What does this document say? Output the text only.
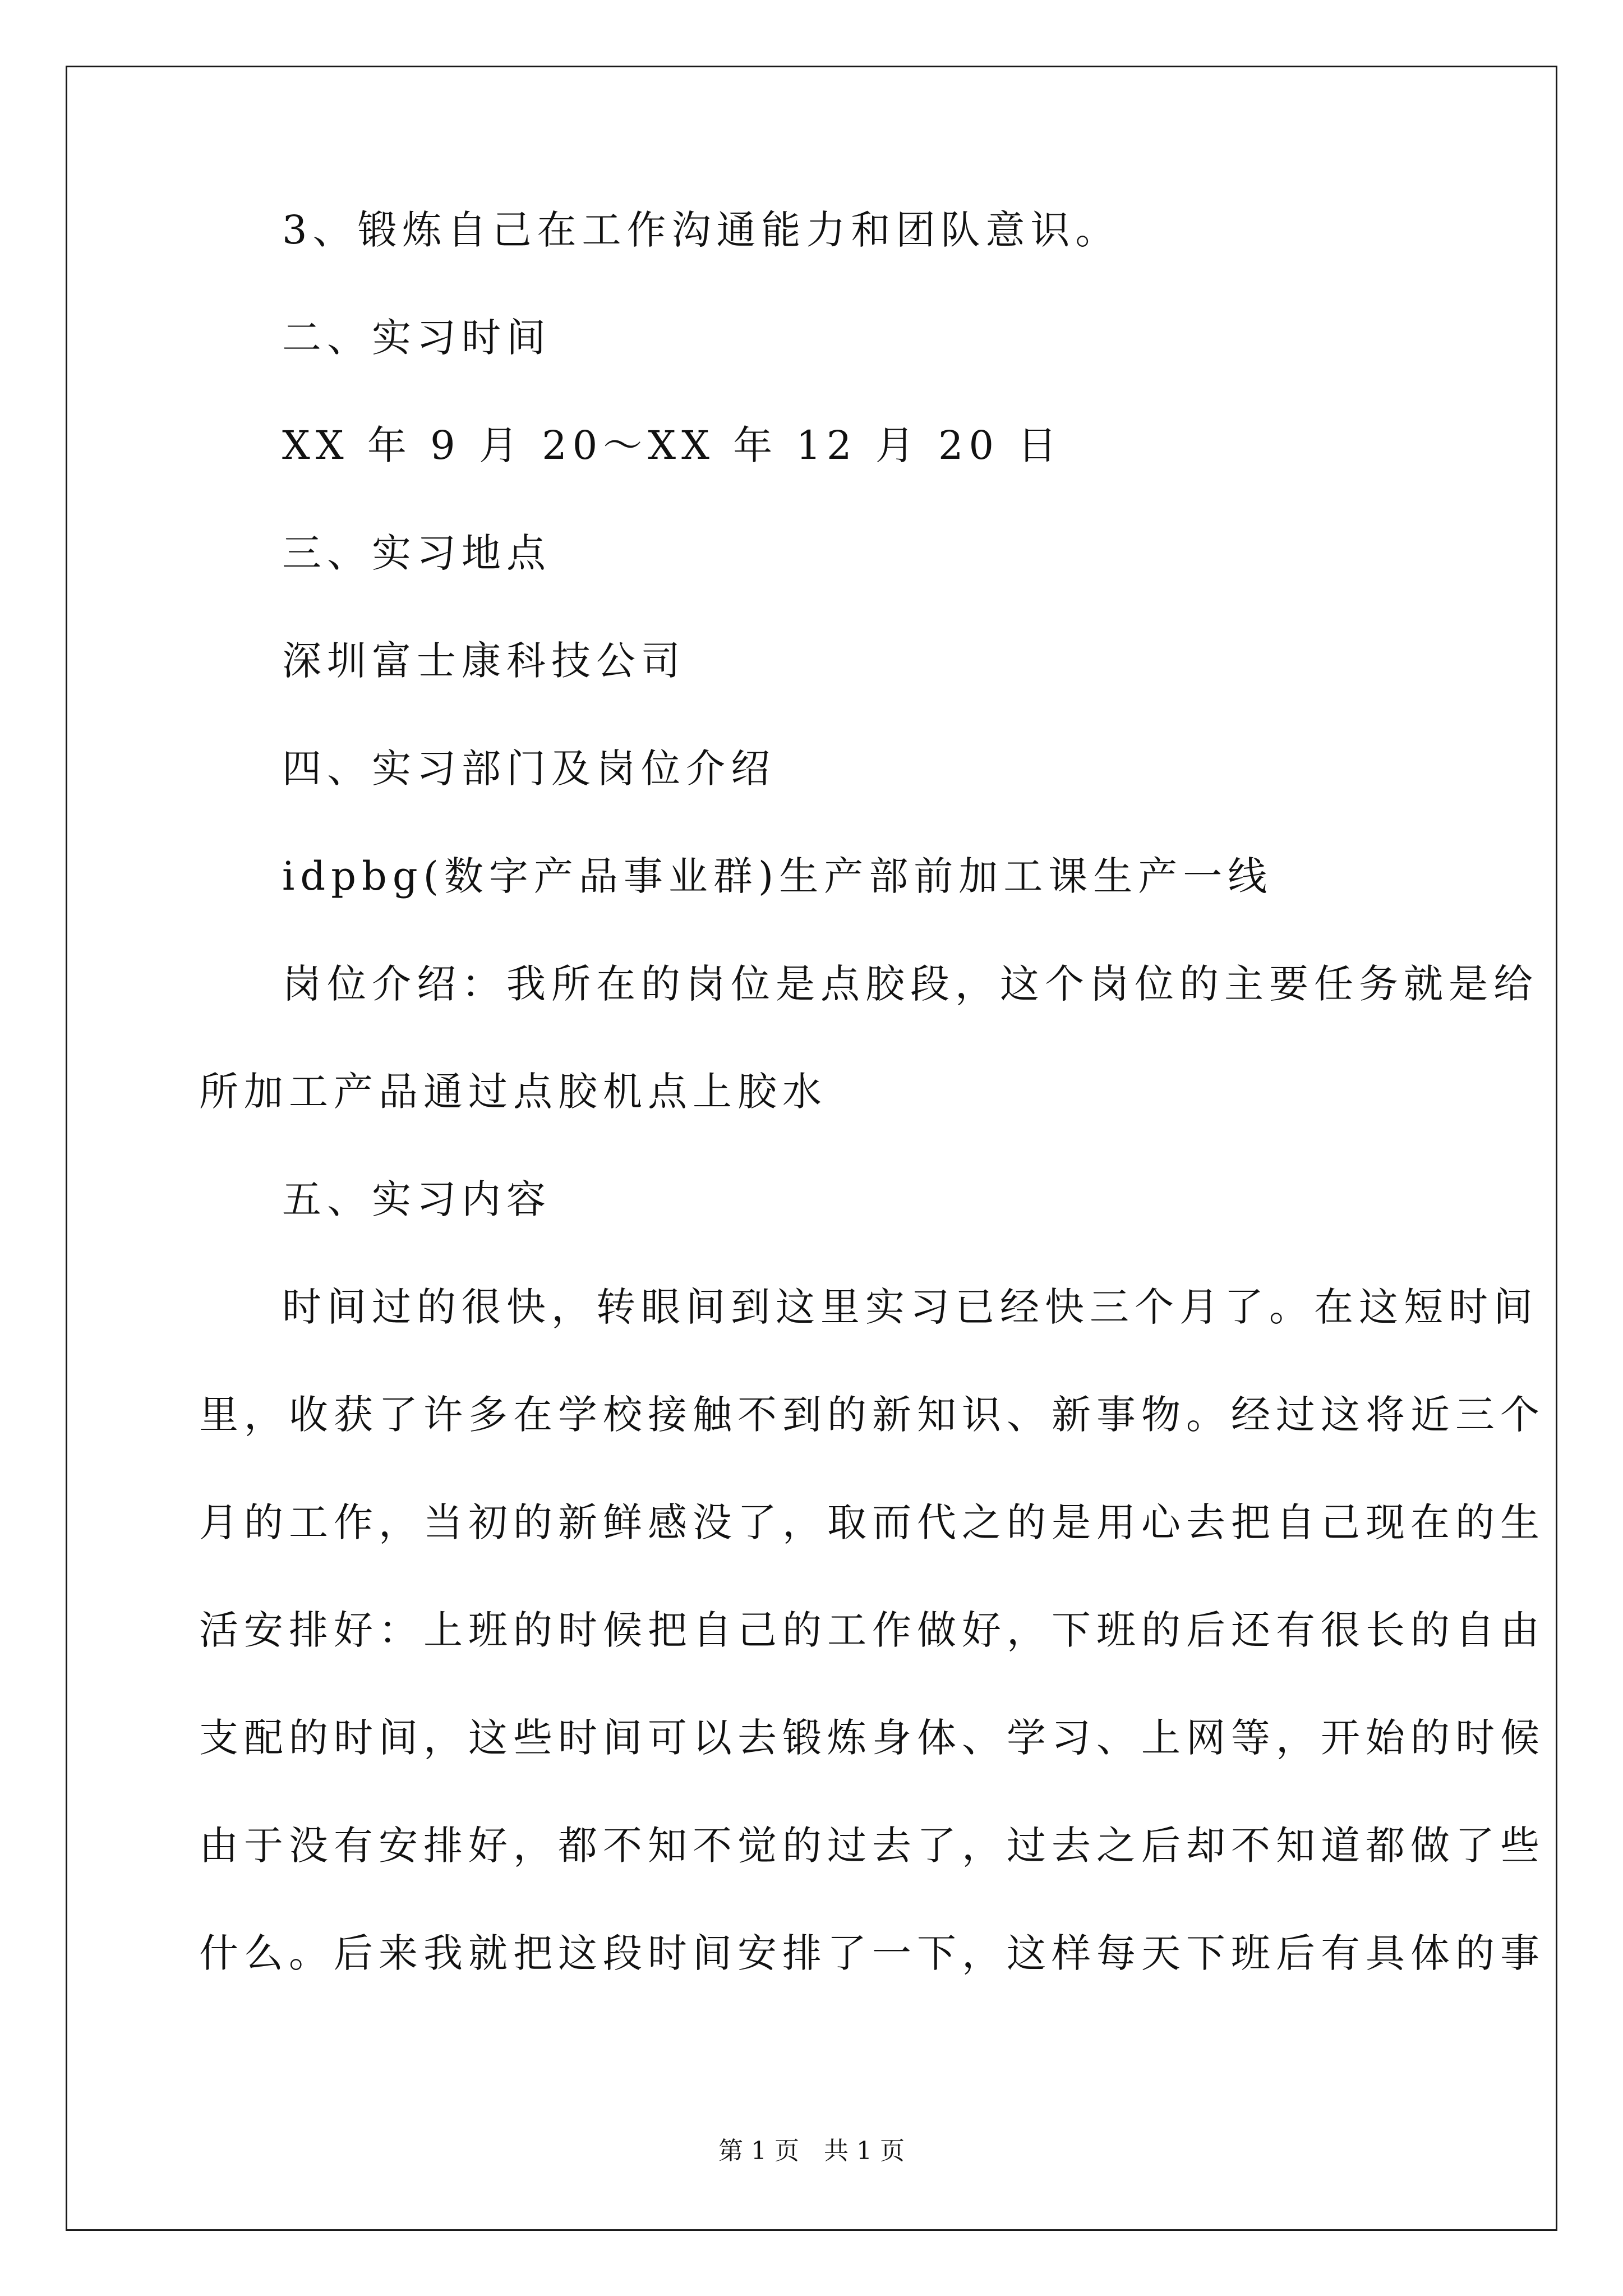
3、锻炼自己在工作沟通能力和团队意识。
二、实习时间
XX 年 9 月 20～XX 年 12 月 20 日
三、实习地点
深圳富士康科技公司
四、实习部门及岗位介绍
idpbg(数字产品事业群)生产部前加工课生产一线
岗位介绍：我所在的岗位是点胶段，这个岗位的主要任务就是给
所加工产品通过点胶机点上胶水
五、实习内容
时间过的很快，转眼间到这里实习已经快三个月了。在这短时间
里，收获了许多在学校接触不到的新知识、新事物。经过这将近三个
月的工作，当初的新鲜感没了，取而代之的是用心去把自己现在的生
活安排好：上班的时候把自己的工作做好，下班的后还有很长的自由
支配的时间，这些时间可以去锻炼身体、学习、上网等，开始的时候
由于没有安排好，都不知不觉的过去了，过去之后却不知道都做了些
什么。后来我就把这段时间安排了一下，这样每天下班后有具体的事
第 1 页　共 1 页
